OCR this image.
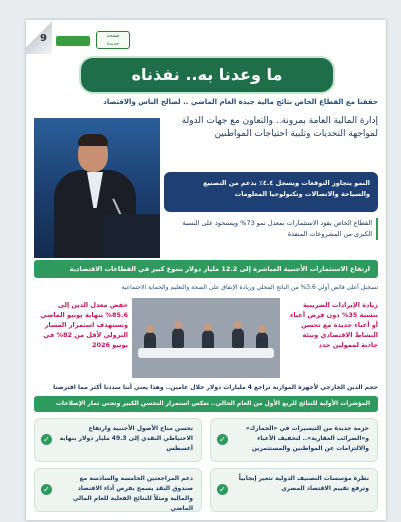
9	صفحة
جديدة
ما وعدنا به.. نفذناه
حققنا مع القطاع الخاص نتائج مالية جيدة العام الماضي .. لصالح الناس والاقتصاد
إدارة المالية العامة بمرونة.. والتعاون مع جهات الدولة لمواجهة التحديات وتلبية احتياجات المواطنين
النمو يتجاوز التوقعات ويسجل ٤.٤٪ بدعم من التصنيع والسياحة والاتصالات وتكنولوجيا المعلومات
القطاع الخاص يقود الاستثمارات بمعدل نمو 73% ويستحوذ على النسبة الكبرى من المشروعات المنفذة
ارتفاع الاستثمارات الأجنبية المباشرة إلى 12.2 مليار دولار بتنوع كبير في القطاعات الاقتصادية
تسجيل أعلى فائض أولي 3.6% من الناتج المحلي وزيادة الإنفاق على الصحة والتعليم والحماية الاجتماعية
زيادة الإيرادات الضريبية بنسبة 35% دون فرض أعباء أو أعباء جديدة مع تحسن النشاط الاقتصادي وبيئة جاذبة لممولين جدد
خفض معدل الدين إلى 85.6% بنهاية يونيو الماضي وتستهدف استمرار المسار النزولي لأقل من 82% في يونيو 2026
حجم الدين الخارجي لأجهزة الموازنة تراجع 4 مليارات دولار خلال عامين.. وهذا يعني أننا سددنا أكثر مما اقترضنا
المؤشرات الأولية للنتائج للربع الأول من العام الحالي.. تعكس استمرار التحسن الكبير ونجني ثمار الإصلاحات
✓
حزمة جديدة من التيسيرات في «الجمارك» و«الضرائب العقارية».. لتخفيف الأعباء والالتزامات عن المواطنين والمستثمرين
✓
تحسن مناخ الأصول الأجنبية وارتفاع الاحتياطي النقدي إلى 49.3 مليار دولار بنهاية أغسطس
✓
نظرة مؤسسات التصنيف الدولية تتغير إيجابياً وترفع تقييم الاقتصاد المصري
✓
دعم المراجعتين الخامسة والسادسة مع صندوق النقد يسمح بفرص أداء الاقتصاد والمالية ومثلاً للنتائج الفعلية للعام المالي الماضي
